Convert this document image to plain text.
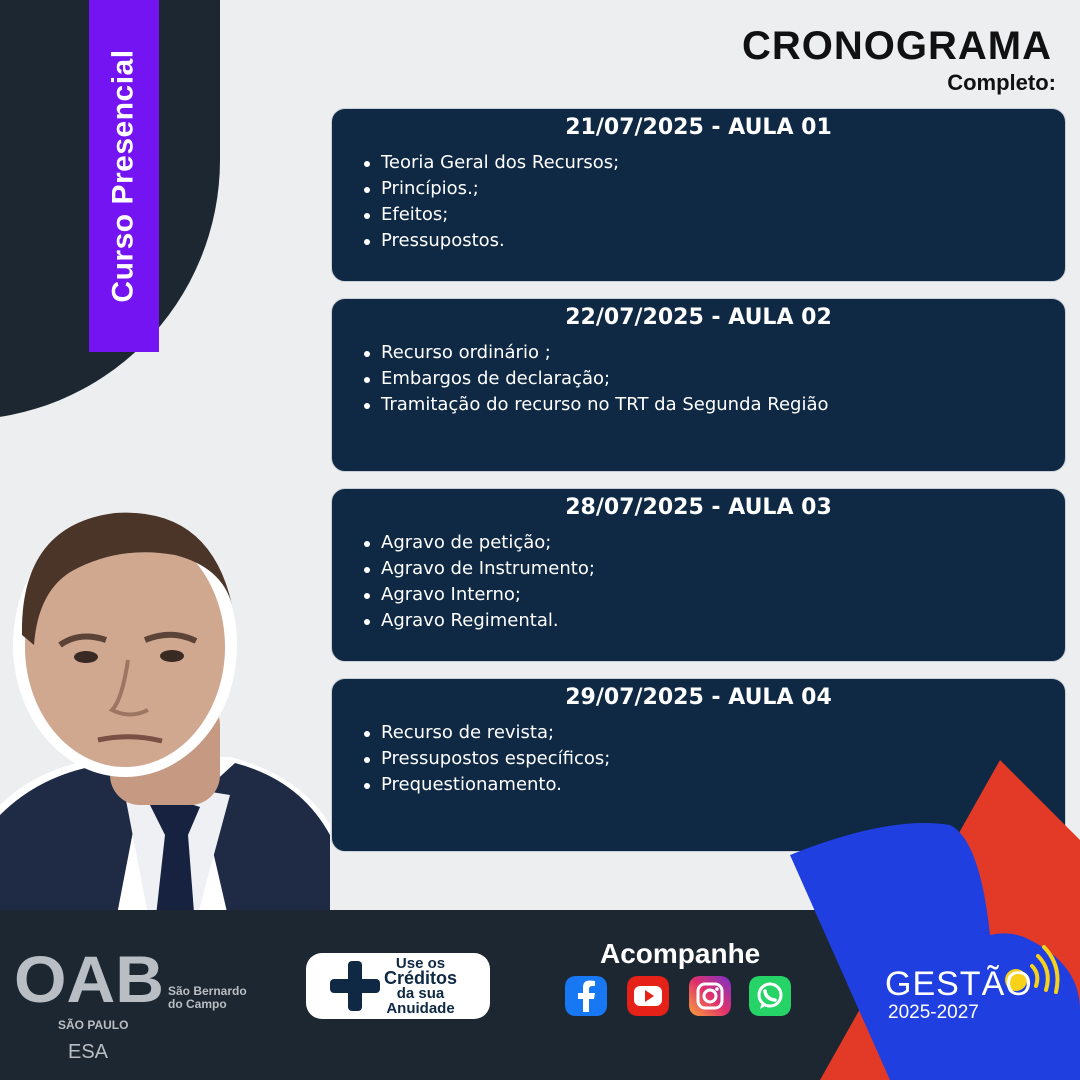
Curso Presencial
CRONOGRAMA
Completo:
21/07/2025 - AULA 01
Teoria Geral dos Recursos;
Princípios.;
Efeitos;
Pressupostos.
22/07/2025 - AULA 02
Recurso ordinário ;
Embargos de declaração;
Tramitação do recurso no TRT da Segunda Região
28/07/2025 - AULA 03
Agravo de petição;
Agravo de Instrumento;
Agravo Interno;
Agravo Regimental.
29/07/2025 - AULA 04
Recurso de revista;
Pressupostos específicos;
Prequestionamento.
OAB São Bernardo
do Campo
SÃO PAULO
ESA
Use os
Créditos
da sua
Anuidade
Acompanhe
GESTÃO
2025-2027
